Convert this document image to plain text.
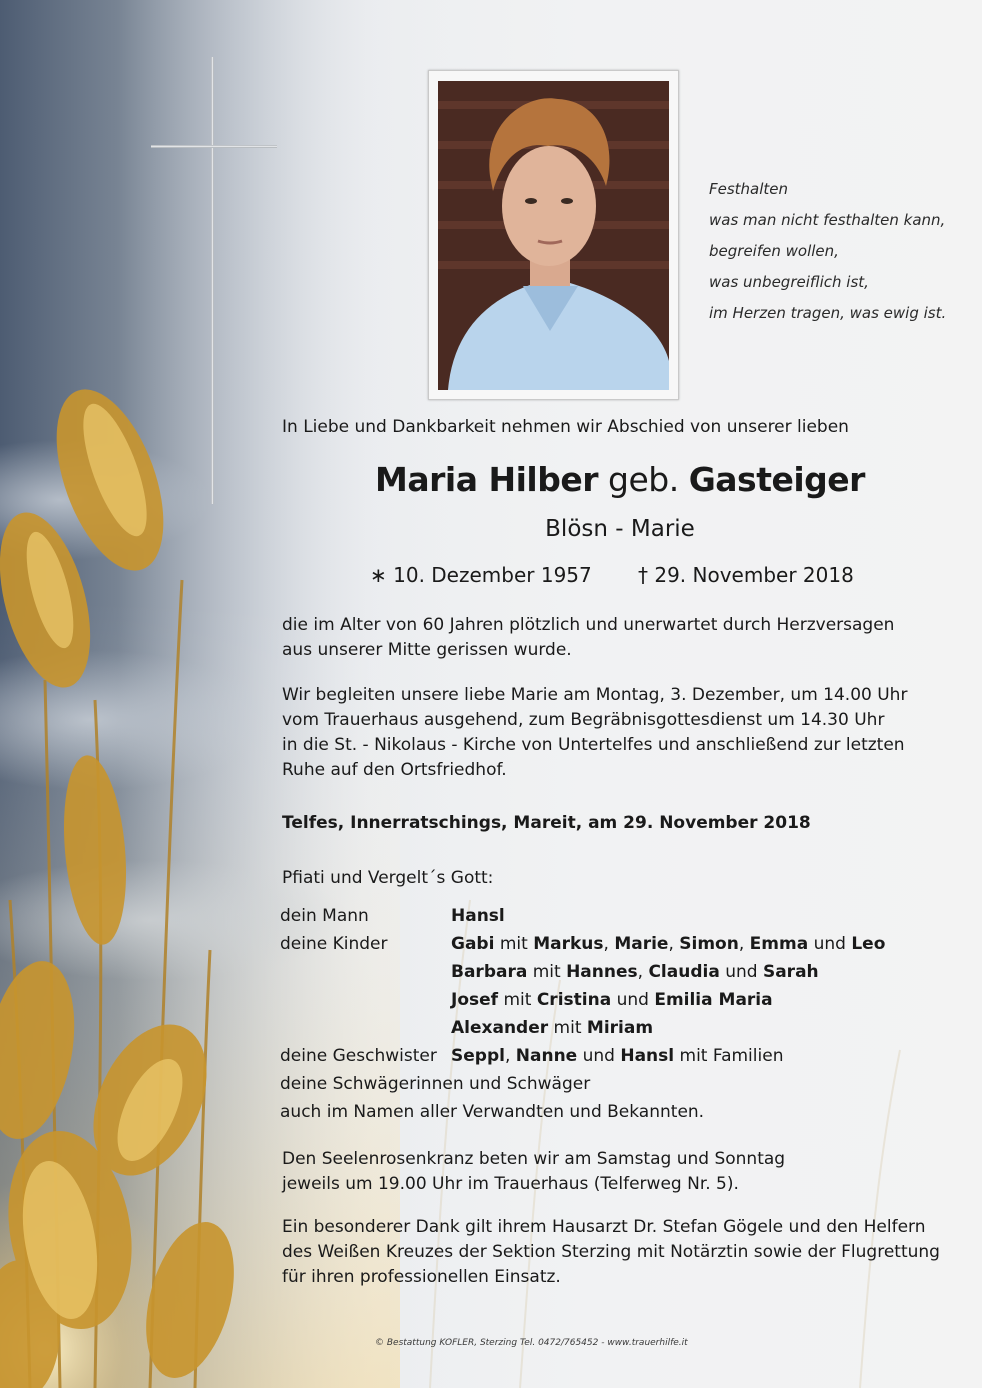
Festhalten
was man nicht festhalten kann,
begreifen wollen,
was unbegreiflich ist,
im Herzen tragen, was ewig ist.
In Liebe und Dankbarkeit nehmen wir Abschied von unserer lieben
Maria Hilber geb. Gasteiger
Blösn - Marie
∗ 10. Dezember 1957 † 29. November 2018
die im Alter von 60 Jahren plötzlich und unerwartet durch Herzversagen
aus unserer Mitte gerissen wurde.
Wir begleiten unsere liebe Marie am Montag, 3. Dezember, um 14.00 Uhr
vom Trauerhaus ausgehend, zum Begräbnisgottesdienst um 14.30 Uhr
in die St. - Nikolaus - Kirche von Untertelfes und anschließend zur letzten
Ruhe auf den Ortsfriedhof.
Telfes, Innerratschings, Mareit, am 29. November 2018
Pfiati und Vergelt´s Gott:
dein Mann	Hansl
deine Kinder	Gabi mit Markus, Marie, Simon, Emma und Leo
	Barbara mit Hannes, Claudia und Sarah
	Josef mit Cristina und Emilia Maria
	Alexander mit Miriam
deine Geschwister	Seppl, Nanne und Hansl mit Familien
deine Schwägerinnen und Schwäger	
auch im Namen aller Verwandten und Bekannten.	
Den Seelenrosenkranz beten wir am Samstag und Sonntag
jeweils um 19.00 Uhr im Trauerhaus (Telferweg Nr. 5).
Ein besonderer Dank gilt ihrem Hausarzt Dr. Stefan Gögele und den Helfern
des Weißen Kreuzes der Sektion Sterzing mit Notärztin sowie der Flugrettung
für ihren professionellen Einsatz.
© Bestattung KOFLER, Sterzing Tel. 0472/765452 - www.trauerhilfe.it
